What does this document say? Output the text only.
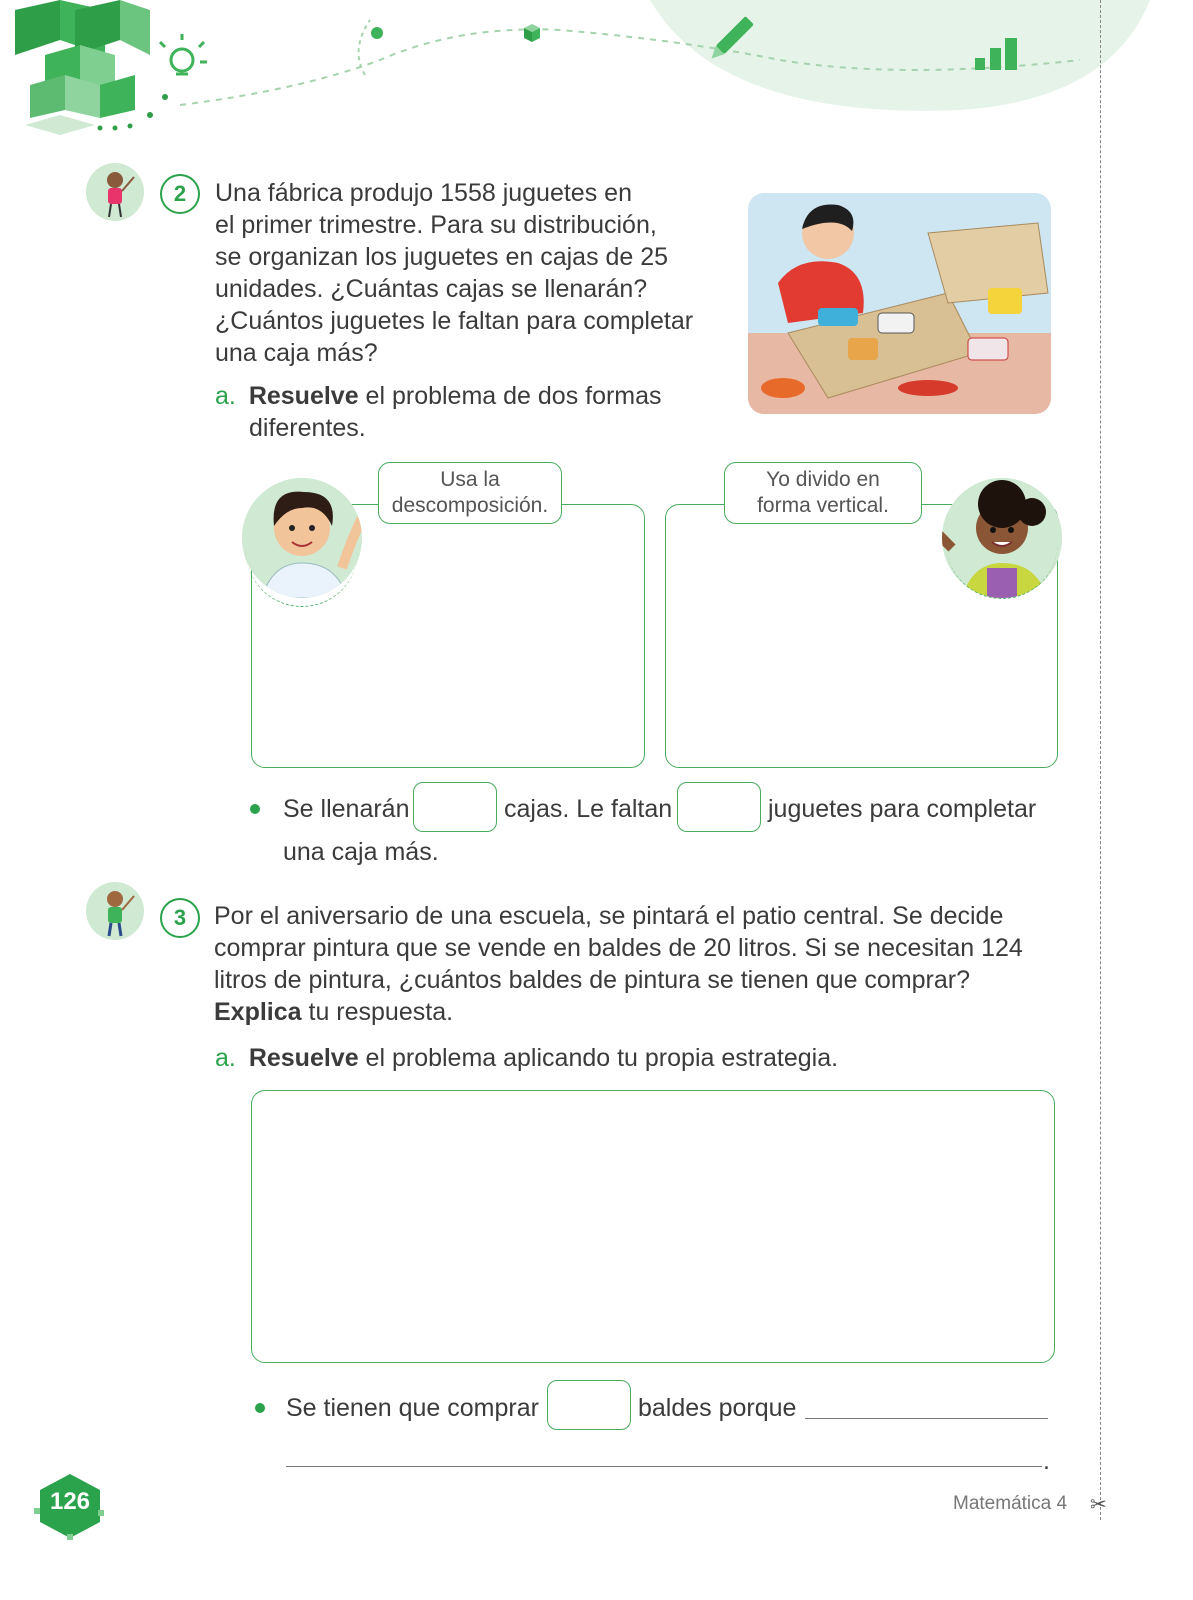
2	Una fábrica produjo 1558 juguetes en
el primer trimestre. Para su distribución,
se organizan los juguetes en cajas de 25
unidades. ¿Cuántas cajas se llenarán?
¿Cuántos juguetes le faltan para completar
una caja más?
a. Resuelve el problema de dos formas
diferentes.
Usa la
descomposición.
Yo divido en
forma vertical.
Se llenarán	cajas. Le faltan	juguetes para completar
una caja más.
3	Por el aniversario de una escuela, se pintará el patio central. Se decide
comprar pintura que se vende en baldes de 20 litros. Si se necesitan 124
litros de pintura, ¿cuántos baldes de pintura se tienen que comprar?
Explica tu respuesta.
a. Resuelve el problema aplicando tu propia estrategia.
Se tienen que comprar	baldes porque
.
126	Matemática 4 ✂
